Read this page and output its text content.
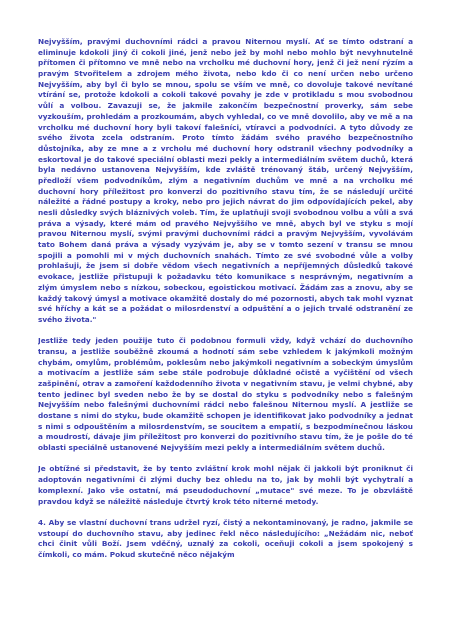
Nejvyšším, pravými duchovními rádci a pravou Niternou myslí. Ať se tímto odstraní a eliminuje kdokoli jiný či cokoli jiné, jenž nebo jež by mohl nebo mohlo být nevyhnutelně přítomen či přítomno ve mně nebo na vrcholku mé duchovní hory, jenž či jež není rýzím a pravým Stvořitelem a zdrojem mého života, nebo kdo či co není určen nebo určeno Nejvyšším, aby byl či bylo se mnou, spolu se vším ve mně, co dovoluje takové nevítané vtírání se, protože kdokoli a cokoli takové povahy je zde v protikladu s mou svobodnou vůlí a volbou. Zavazuji se, že jakmile zakončím bezpečnostní proverky, sám sebe vyzkouším, prohledám a prozkoumám, abych vyhledal, co ve mně dovolilo, aby ve mě a na vrcholku mé duchovní hory byli takoví falešníci, vtíravci a podvodníci. A tyto důvody ze svého života zcela odstraním. Proto tímto žádám svého pravého bezpečnostního důstojníka, aby ze mne a z vrcholu mé duchovní hory odstranil všechny podvodníky a eskortoval je do takové speciální oblasti mezi pekly a intermediálním světem duchů, která byla nedávno ustanovena Nejvyšším, kde zvláště trénovaný štáb, určený Nejvyšším, předloží všem podvodníkům, zlým a negativním duchům ve mně a na vrcholku mé duchovní hory příležitost pro konverzi do pozitivního stavu tím, že se následují určité náležité a řádné postupy a kroky, nebo pro jejich návrat do jim odpovídajících pekel, aby nesli důsledky svých bláznivých voleb. Tím, že uplatňuji svoji svobodnou volbu a vůli a svá práva a výsady, které mám od pravého Nejvyššího ve mně, abych byl ve styku s mojí pravou Niternou myslí, svými pravými duchovními rádci a pravým Nejvyšším, vyvolávám tato Bohem daná práva a výsady vyzývám je, aby se v tomto sezení v transu se mnou spojili a pomohli mi v mých duchovních snahách. Tímto ze své svobodné vůle a volby prohlašuji, že jsem si dobře vědom všech negativních a nepříjemných důsledků takové evokace, jestliže přistupuji k požadavku této komunikace s nesprávným, negativním a zlým úmyslem nebo s nízkou, sobeckou, egoistickou motivací. Žádám zas a znovu, aby se každý takový úmysl a motivace okamžitě dostaly do mé pozornosti, abych tak mohl vyznat své hříchy a kát se a požádat o milosrdenství a odpuštění a o jejich trvalé odstranění ze svého života."

Jestliže tedy jeden použije tuto či podobnou formuli vždy, když vchází do duchovního transu, a jestliže souběžně zkoumá a hodnotí sám sebe vzhledem k jakýmkoli možným chybám, omylům, problémům, poklesům nebo jakýmkoli negativním a sobeckým úmyslům a motivacím a jestliže sám sebe stále podrobuje důkladné očistě a vyčištění od všech zašpinění, otrav a zamoření každodenního života v negativním stavu, je velmi chybné, aby tento jedinec byl sveden nebo že by se dostal do styku s podvodníky nebo s falešným Nejvyšším nebo falešnými duchovními rádci nebo falešnou Niternou myslí. A jestliže se dostane s nimi do styku, bude okamžitě schopen je identifikovat jako podvodníky a jednat s nimi s odpouštěním a milosrdenstvím, se soucitem a empatií, s bezpodmínečnou láskou a moudrostí, dávaje jim příležitost pro konverzi do pozitivního stavu tím, že je pošle do té oblasti speciálně ustanovené Nejvyšším mezi pekly a intermediálním světem duchů.

Je obtížné si představit, že by tento zvláštní krok mohl nějak či jakkoli být proniknut či adoptován negativními či zlými duchy bez ohledu na to, jak by mohli být vychytralí a komplexní. Jako vše ostatní, má pseudoduchovní „mutace" své meze. To je obzvláště pravdou když se náležitě následuje čtvrtý krok této niterné metody.

4. Aby se vlastní duchovní trans udržel ryzí, čistý a nekontaminovaný, je radno, jakmile se vstoupí do duchovního stavu, aby jedinec řekl něco následujícího: „Nežádám nic, neboť chci činit vůli Boží. Jsem vděčný, uznalý za cokoli, oceňuji cokoli a jsem spokojený s čímkoli, co mám. Pokud skutečně něco nějakým
